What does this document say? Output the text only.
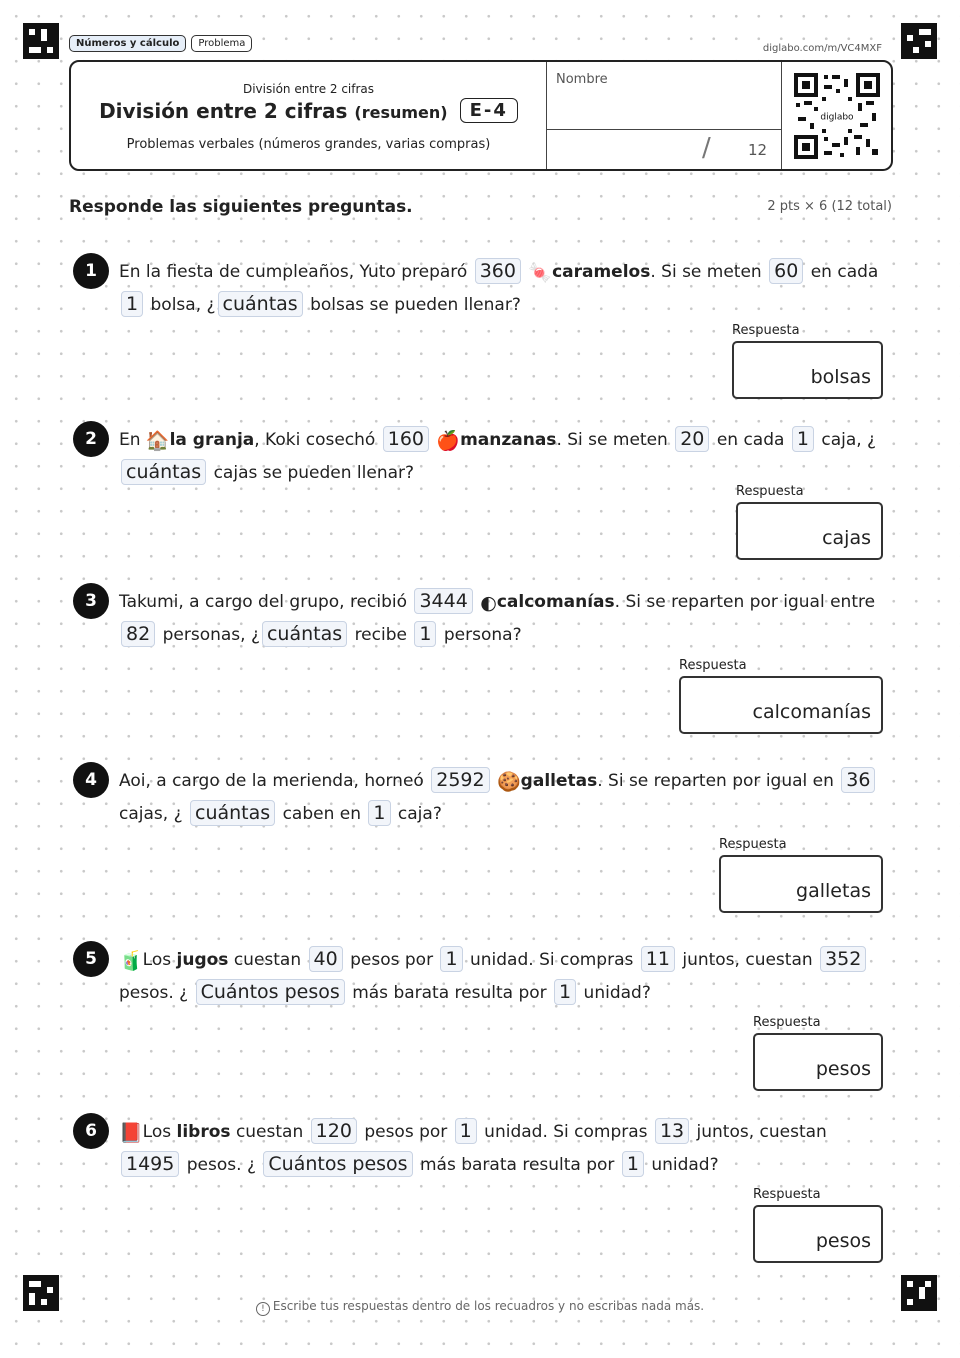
Números y cálculo	Problema	diglabo.com/m/VC4MXF
División entre 2 cifras
División entre 2 cifras (resumen)	E-4
Problemas verbales (números grandes, varias compras)
Nombre
/ 12
diglabo
Responde las siguientes preguntas.	2 pts × 6 (12 total)
1	En la fiesta de cumpleaños, Yuto preparó 360 🍬caramelos. Si se meten 60 en cada 1 bolsa, ¿ cuántas bolsas se pueden llenar?
Respuesta
bolsas
2	En 🏠la granja, Koki cosechó 160 🍎manzanas. Si se meten 20 en cada 1 caja, ¿cuántas cajas se pueden llenar?
Respuesta
cajas
3	Takumi, a cargo del grupo, recibió 3444 ◐calcomanías. Si se reparten por igual entre 82 personas, ¿ cuántas recibe 1 persona?
Respuesta
calcomanías
4	Aoi, a cargo de la merienda, horneó 2592 🍪galletas. Si se reparten por igual en 36 cajas, ¿ cuántas caben en 1 caja?
Respuesta
galletas
5	🧃Los jugos cuestan 40 pesos por 1 unidad. Si compras 11 juntos, cuestan 352 pesos. ¿ Cuántos pesos más barata resulta por 1 unidad?
Respuesta
pesos
6	📕Los libros cuestan 120 pesos por 1 unidad. Si compras 13 juntos, cuestan 1495 pesos. ¿ Cuántos pesos más barata resulta por 1 unidad?
Respuesta
pesos
! Escribe tus respuestas dentro de los recuadros y no escribas nada más.
